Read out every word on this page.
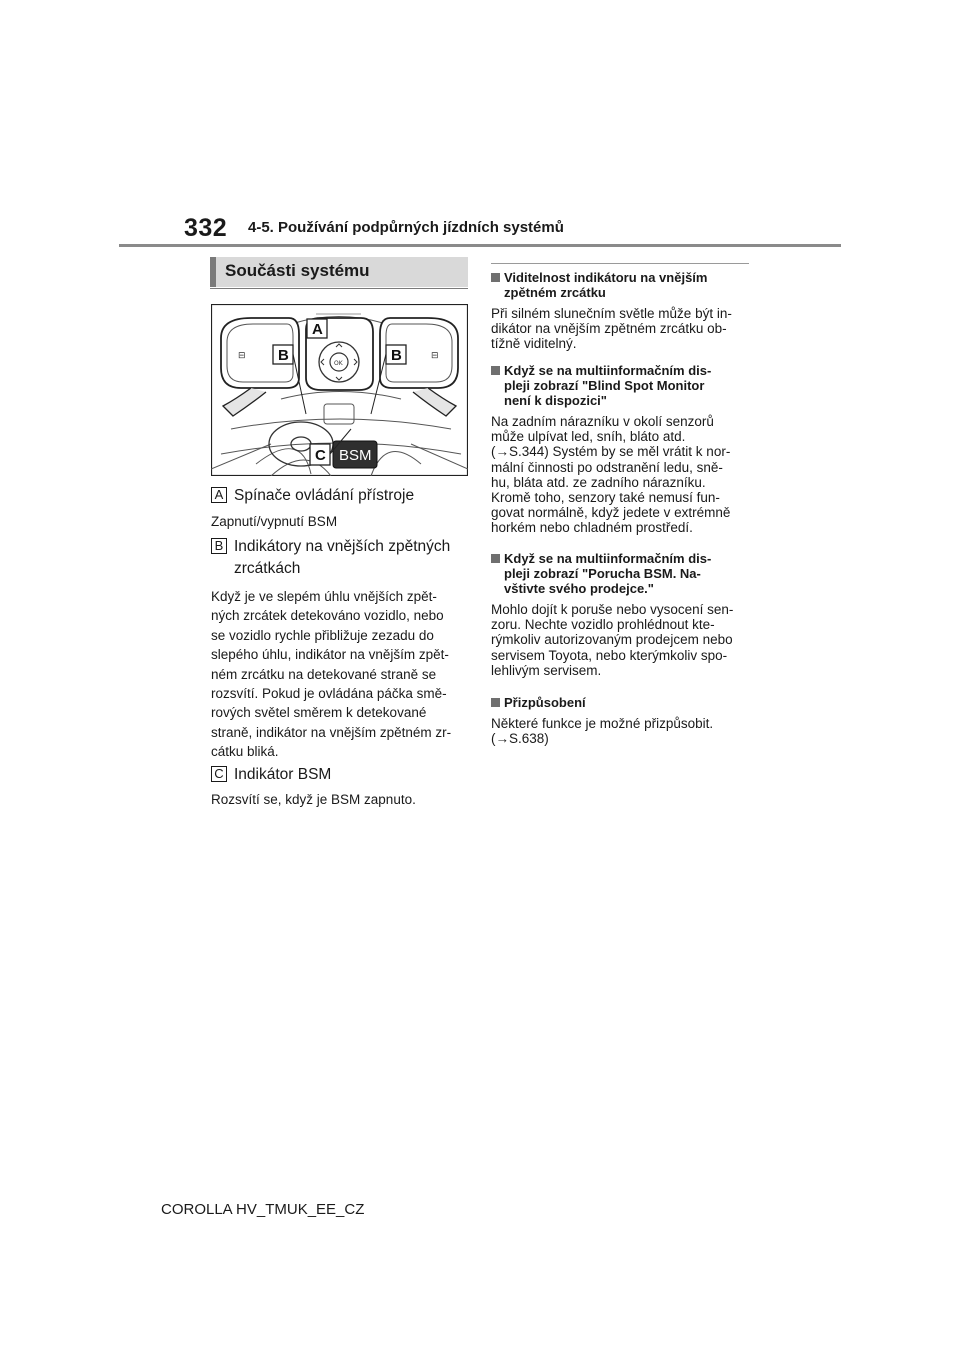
332 4-5. Používání podpůrných jízdních systémů
Součásti systému
⊟	⊟
OK
A
B	B
C BSM
A Spínače ovládání přístroje
Zapnutí/vypnutí BSM
B Indikátory na vnějších zpětných
zrcátkách
Když je ve slepém úhlu vnějších zpět-
ných zrcátek detekováno vozidlo, nebo
se vozidlo rychle přibližuje zezadu do
slepého úhlu, indikátor na vnějším zpět-
ném zrcátku na detekované straně se
rozsvítí. Pokud je ovládána páčka smě-
rových světel směrem k detekované
straně, indikátor na vnějším zpětném zr-
cátku bliká.
C Indikátor BSM
Rozsvítí se, když je BSM zapnuto.
Viditelnost indikátoru na vnějším
zpětném zrcátku
Při silném slunečním světle může být in-
dikátor na vnějším zpětném zrcátku ob-
tížně viditelný.
Když se na multiinformačním dis-
pleji zobrazí "Blind Spot Monitor
není k dispozici"
Na zadním nárazníku v okolí senzorů
může ulpívat led, sníh, bláto atd.
(→S.344) Systém by se měl vrátit k nor-
mální činnosti po odstranění ledu, sně-
hu, bláta atd. ze zadního nárazníku.
Kromě toho, senzory také nemusí fun-
govat normálně, když jedete v extrémně
horkém nebo chladném prostředí.
Když se na multiinformačním dis-
pleji zobrazí "Porucha BSM. Na-
vštivte svého prodejce."
Mohlo dojít k poruše nebo vysocení sen-
zoru. Nechte vozidlo prohlédnout kte-
rýmkoliv autorizovaným prodejcem nebo
servisem Toyota, nebo kterýmkoliv spo-
lehlivým servisem.
Přizpůsobení
Některé funkce je možné přizpůsobit.
(→S.638)
COROLLA HV_TMUK_EE_CZ
